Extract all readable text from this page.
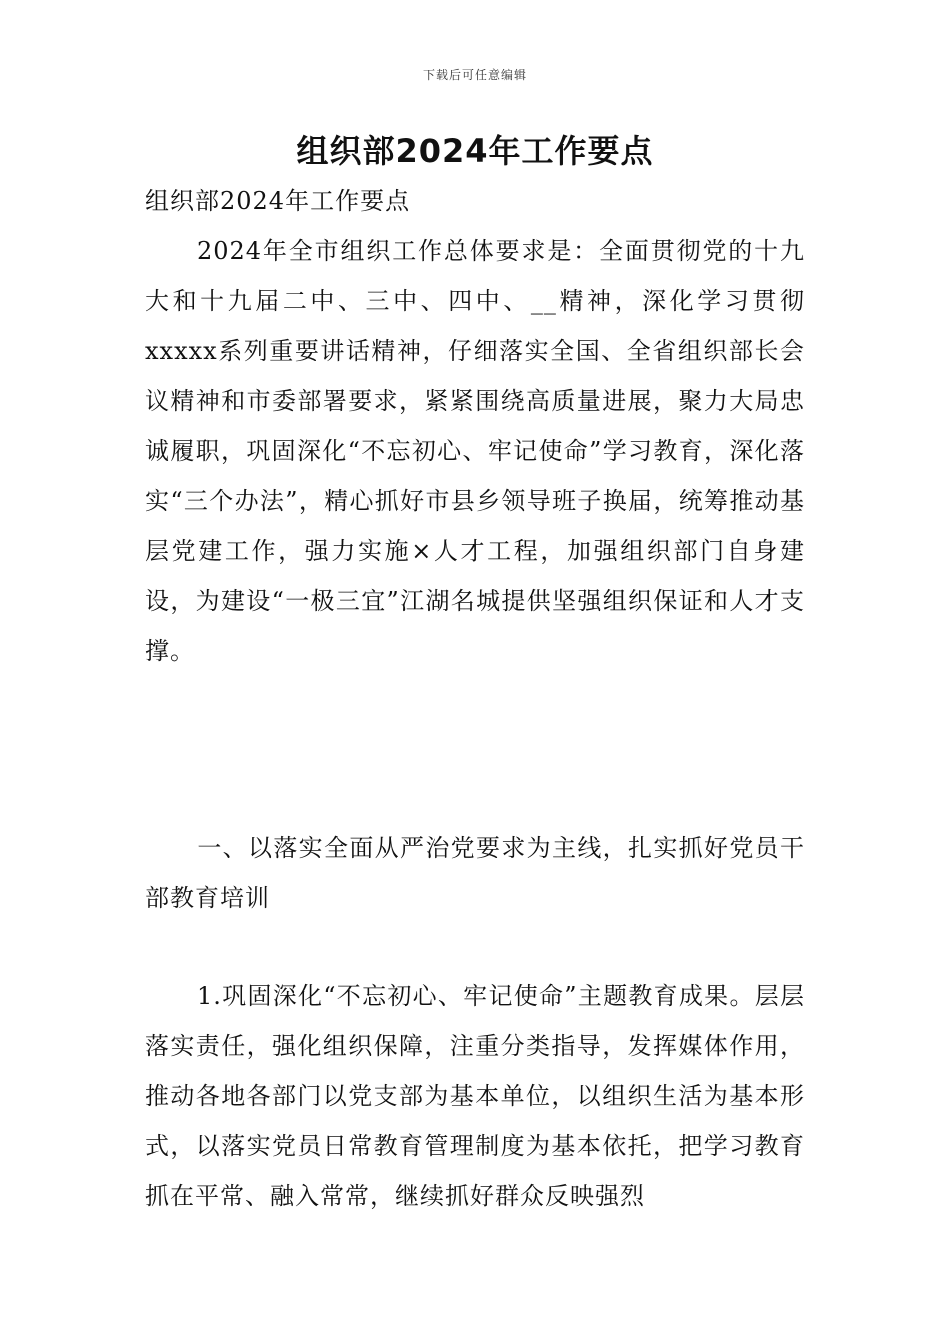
下载后可任意编辑
组织部2024年工作要点

组织部2024年工作要点

2024年全市组织工作总体要求是：全面贯彻党的十九大和十九届二中、三中、四中、__精神，深化学习贯彻xxxxx系列重要讲话精神，仔细落实全国、全省组织部长会议精神和市委部署要求，紧紧围绕高质量进展，聚力大局忠诚履职，巩固深化“不忘初心、牢记使命”学习教育，深化落实“三个办法”，精心抓好市县乡领导班子换届，统筹推动基层党建工作，强力实施×人才工程，加强组织部门自身建设，为建设“一极三宜”江湖名城提供坚强组织保证和人才支撑。

一、以落实全面从严治党要求为主线，扎实抓好党员干部教育培训

1.巩固深化“不忘初心、牢记使命”主题教育成果。层层落实责任，强化组织保障，注重分类指导，发挥媒体作用，推动各地各部门以党支部为基本单位，以组织生活为基本形式，以落实党员日常教育管理制度为基本依托，把学习教育抓在平常、融入常常，继续抓好群众反映强烈
